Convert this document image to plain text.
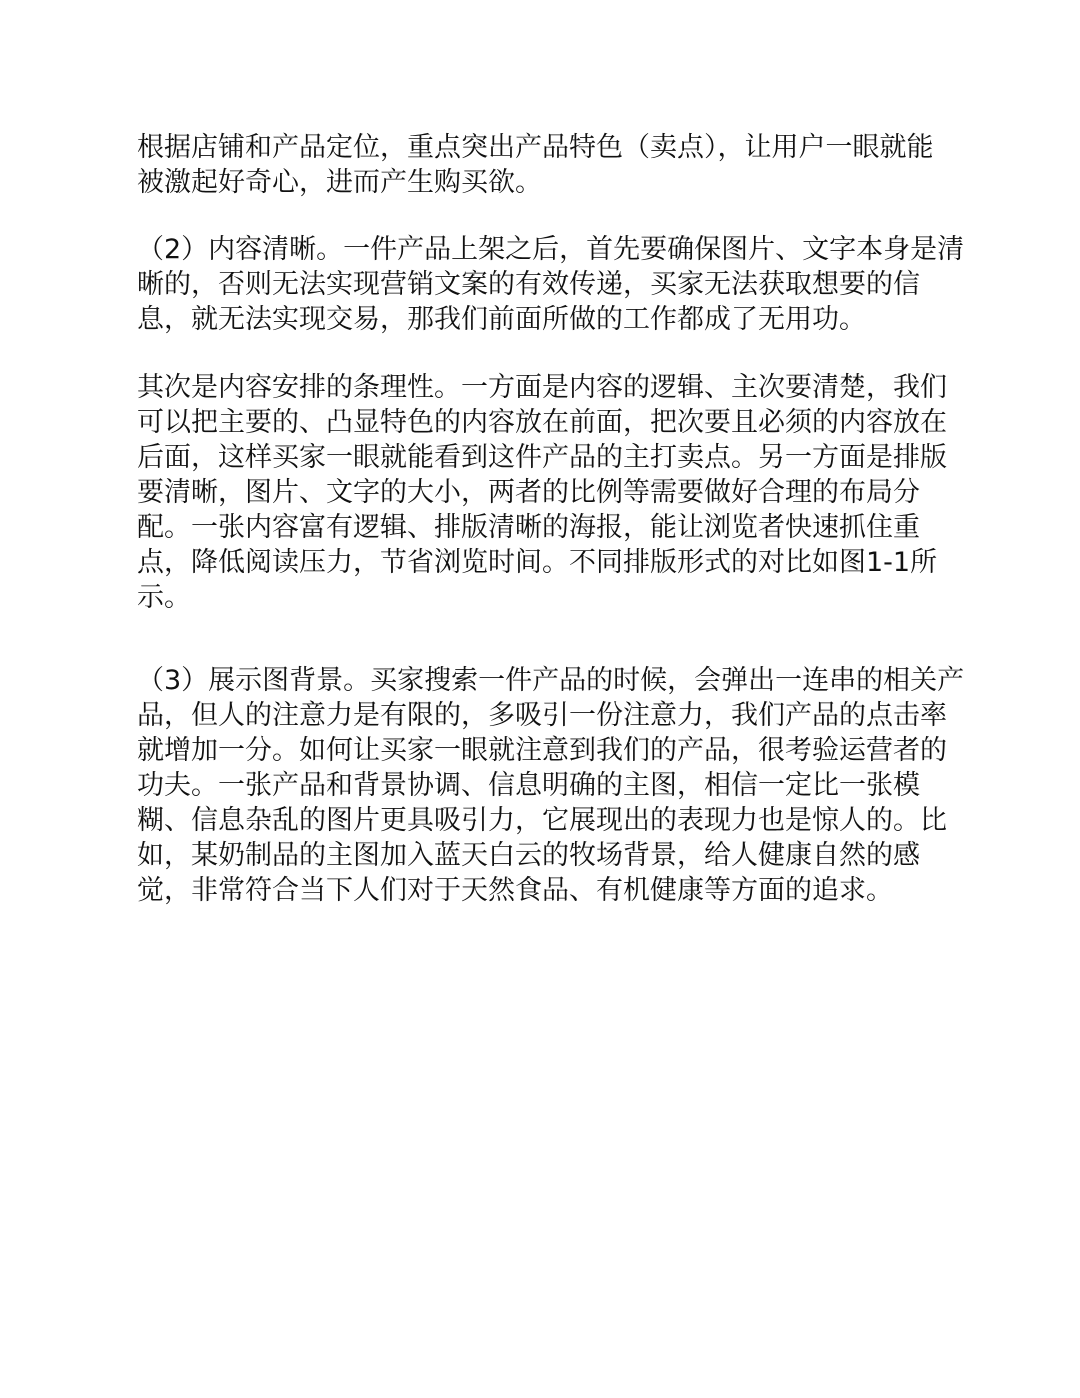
根据店铺和产品定位，重点突出产品特色（卖点），让用户一眼就能
被激起好奇心，进而产生购买欲。

（2）内容清晰。一件产品上架之后，首先要确保图片、文字本身是清
晰的，否则无法实现营销文案的有效传递，买家无法获取想要的信
息，就无法实现交易，那我们前面所做的工作都成了无用功。

其次是内容安排的条理性。一方面是内容的逻辑、主次要清楚，我们
可以把主要的、凸显特色的内容放在前面，把次要且必须的内容放在
后面，这样买家一眼就能看到这件产品的主打卖点。另一方面是排版
要清晰，图片、文字的大小，两者的比例等需要做好合理的布局分
配。一张内容富有逻辑、排版清晰的海报，能让浏览者快速抓住重
点，降低阅读压力，节省浏览时间。不同排版形式的对比如图1-1所
示。

（3）展示图背景。买家搜索一件产品的时候，会弹出一连串的相关产
品，但人的注意力是有限的，多吸引一份注意力，我们产品的点击率
就增加一分。如何让买家一眼就注意到我们的产品，很考验运营者的
功夫。一张产品和背景协调、信息明确的主图，相信一定比一张模
糊、信息杂乱的图片更具吸引力，它展现出的表现力也是惊人的。比
如，某奶制品的主图加入蓝天白云的牧场背景，给人健康自然的感
觉，非常符合当下人们对于天然食品、有机健康等方面的追求。
